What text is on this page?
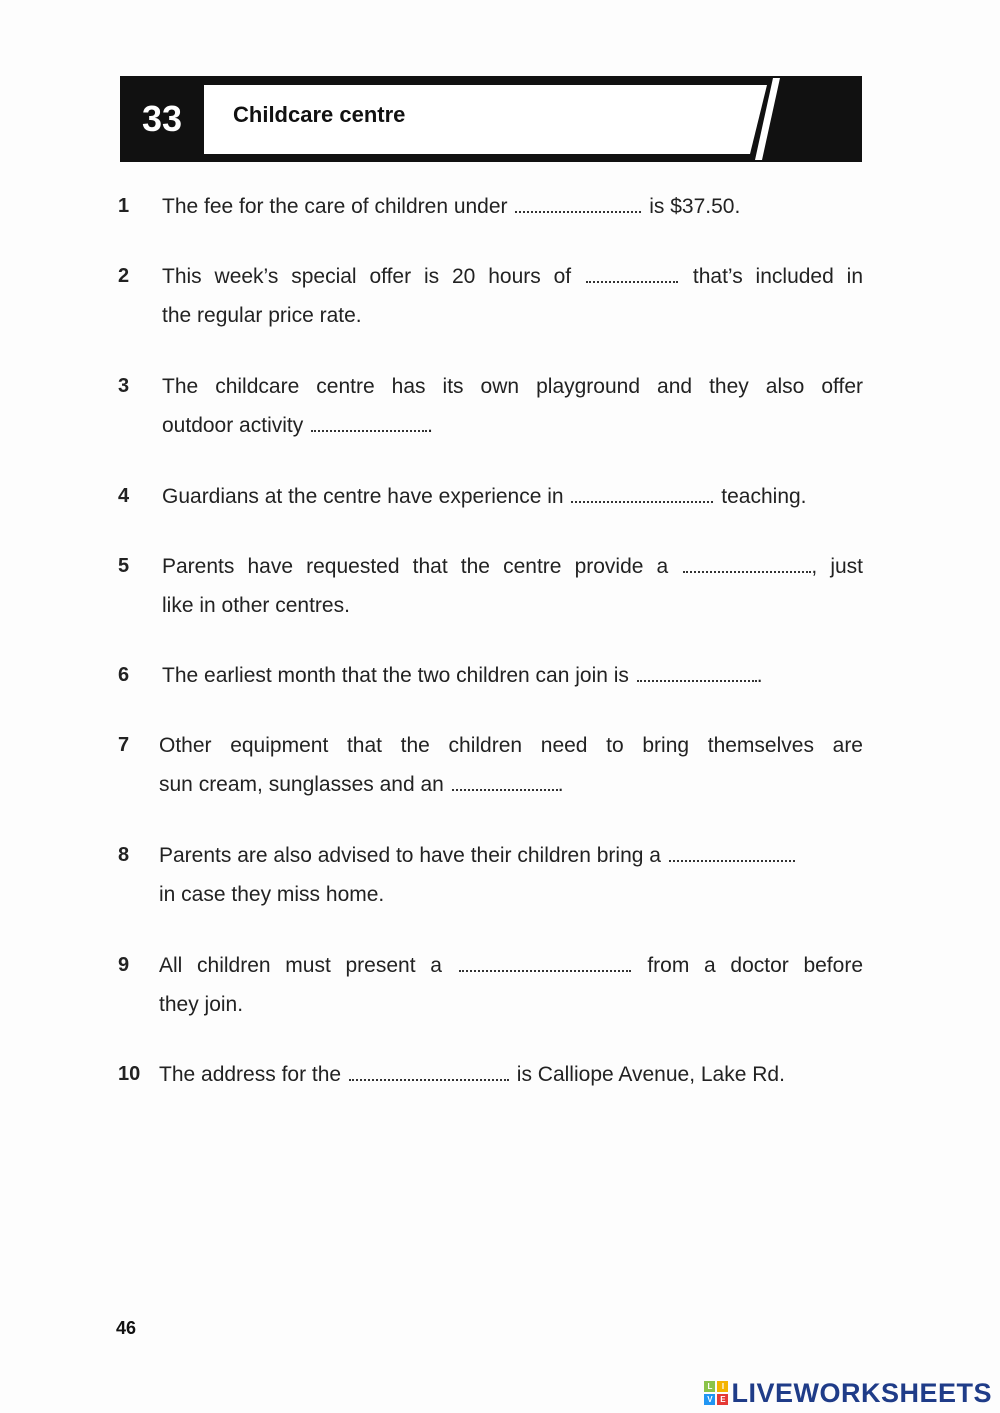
33	Childcare centre
1 The fee for the care of children under	is $37.50.
2 This week’s special offer is 20 hours of	that’s included in
the regular price rate.
3 The childcare centre has its own playground and they also offer
outdoor activity	.
4 Guardians at the centre have experience in	teaching.
5 Parents have requested that the centre provide a	, just
like in other centres.
6 The earliest month that the two children can join is	.
7 Other equipment that the children need to bring themselves are
sun cream, sunglasses and an	.
8 Parents are also advised to have their children bring a
in case they miss home.
9 All children must present a	from a doctor before
they join.
10 The address for the	is Calliope Avenue, Lake Rd.
46
L	I
V E LIVEWORKSHEETS
